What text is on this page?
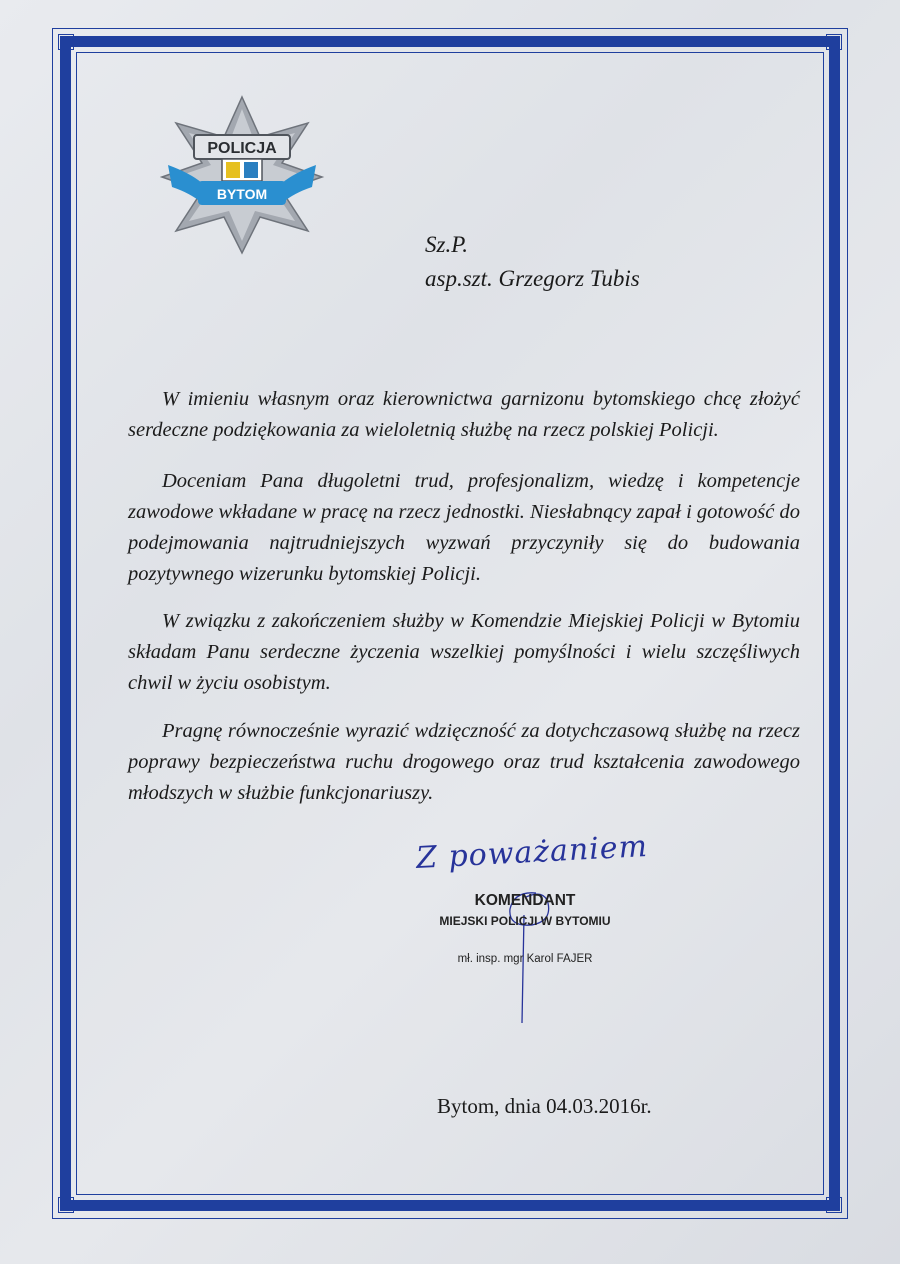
POLICJA
BYTOM
Sz.P.
asp.szt. Grzegorz Tubis
W imieniu własnym oraz kierownictwa garnizonu bytomskiego chcę złożyć serdeczne podziękowania za wieloletnią służbę na rzecz polskiej Policji.
Doceniam Pana długoletni trud, profesjonalizm, wiedzę i kompetencje zawodowe wkładane w pracę na rzecz jednostki. Niesłabnący zapał i gotowość do podejmowania najtrudniejszych wyzwań przyczyniły się do budowania pozytywnego wizerunku bytomskiej Policji.
W związku z zakończeniem służby w Komendzie Miejskiej Policji w Bytomiu składam Panu serdeczne życzenia wszelkiej pomyślności i wielu szczęśliwych chwil w życiu osobistym.
Pragnę równocześnie wyrazić wdzięczność za dotychczasową służbę na rzecz poprawy bezpieczeństwa ruchu drogowego oraz trud kształcenia zawodowego młodszych w służbie funkcjonariuszy.
Z poważaniem
KOMENDANT
MIEJSKI POLICJI W BYTOMIU
mł. insp. mgr Karol FAJER
Bytom, dnia 04.03.2016r.
